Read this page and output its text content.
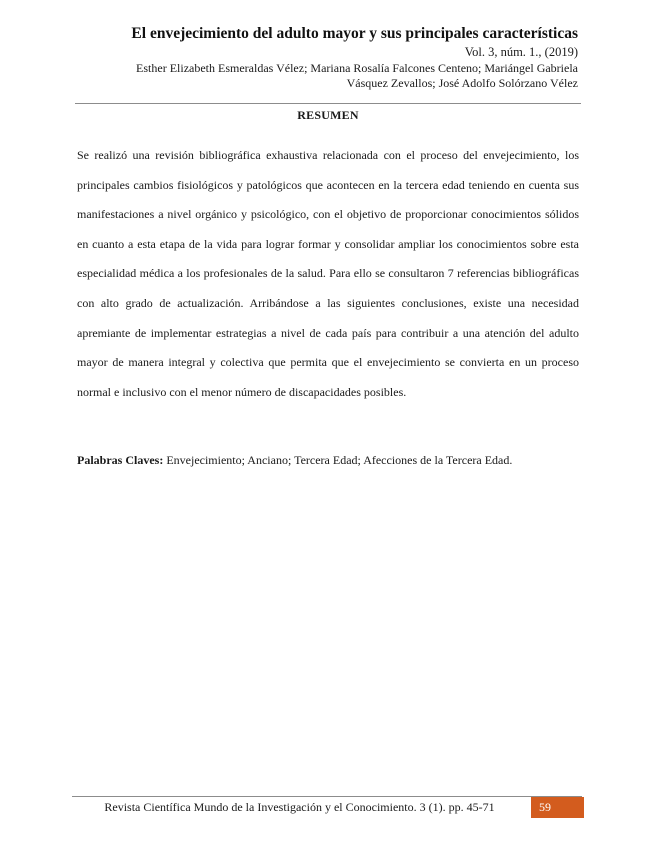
El envejecimiento del adulto mayor y sus principales características

Vol. 3, núm. 1., (2019)

Esther Elizabeth Esmeraldas Vélez; Mariana Rosalía Falcones Centeno; Mariángel Gabriela
Vásquez Zevallos; José Adolfo Solórzano Vélez

RESUMEN

Se realizó una revisión bibliográfica exhaustiva relacionada con el proceso del envejecimiento, los principales cambios fisiológicos y patológicos que acontecen en la tercera edad teniendo en cuenta sus manifestaciones a nivel orgánico y psicológico, con el objetivo de proporcionar conocimientos sólidos en cuanto a esta etapa de la vida para lograr formar y consolidar ampliar los conocimientos sobre esta especialidad médica a los profesionales de la salud. Para ello se consultaron 7 referencias bibliográficas con alto grado de actualización. Arribándose a las siguientes conclusiones, existe una necesidad apremiante de implementar estrategias a nivel de cada país para contribuir a una atención del adulto mayor de manera integral y colectiva que permita que el envejecimiento se convierta en un proceso normal e inclusivo con el menor número de discapacidades posibles.

Palabras Claves: Envejecimiento; Anciano; Tercera Edad; Afecciones de la Tercera Edad.

Revista Científica Mundo de la Investigación y el Conocimiento. 3 (1). pp. 45-71	59
